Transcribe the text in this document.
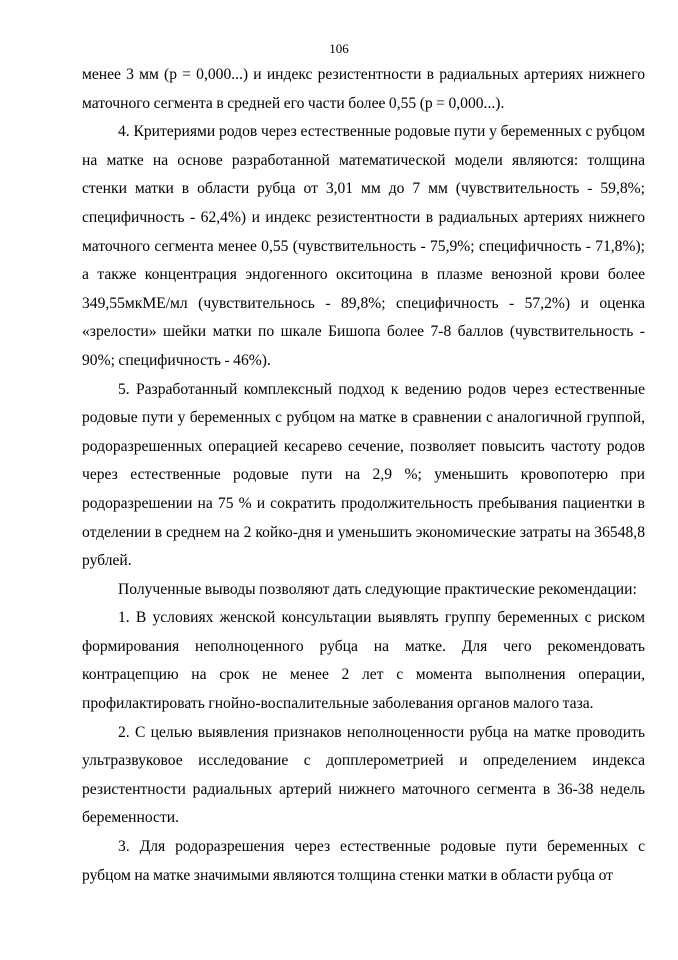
106

менее 3 мм (р = 0,000...) и индекс резистентности в радиальных артериях нижнего маточного сегмента в средней его части более 0,55 (р = 0,000...).

4. Критериями родов через естественные родовые пути у беременных с рубцом на матке на основе разработанной математической модели являются: толщина стенки матки в области рубца от 3,01 мм до 7 мм (чувствительность - 59,8%; специфичность - 62,4%) и индекс резистентности в радиальных артериях нижнего маточного сегмента менее 0,55 (чувствительность - 75,9%; специфичность - 71,8%); а также концентрация эндогенного окситоцина в плазме венозной крови более 349,55мкМЕ/мл (чувствительнось - 89,8%; специфичность - 57,2%) и оценка «зрелости» шейки матки по шкале Бишопа более 7-8 баллов (чувствительность - 90%; специфичность - 46%).

5. Разработанный комплексный подход к ведению родов через естественные родовые пути у беременных с рубцом на матке в сравнении с аналогичной группой, родоразрешенных операцией кесарево сечение, позволяет повысить частоту родов через естественные родовые пути на 2,9 %; уменьшить кровопотерю при родоразрешении на 75 % и сократить продолжительность пребывания пациентки в отделении в среднем на 2 койко-дня и уменьшить экономические затраты на 36548,8 рублей.

Полученные выводы позволяют дать следующие практические рекомендации:

1. В условиях женской консультации выявлять группу беременных с риском формирования неполноценного рубца на матке. Для чего рекомендовать контрацепцию на срок не менее 2 лет с момента выполнения операции, профилактировать гнойно-воспалительные заболевания органов малого таза.

2. С целью выявления признаков неполноценности рубца на матке проводить ультразвуковое исследование с допплерометрией и определением индекса резистентности радиальных артерий нижнего маточного сегмента в 36-38 недель беременности.

3. Для родоразрешения через естественные родовые пути беременных с рубцом на матке значимыми являются толщина стенки матки в области рубца от
